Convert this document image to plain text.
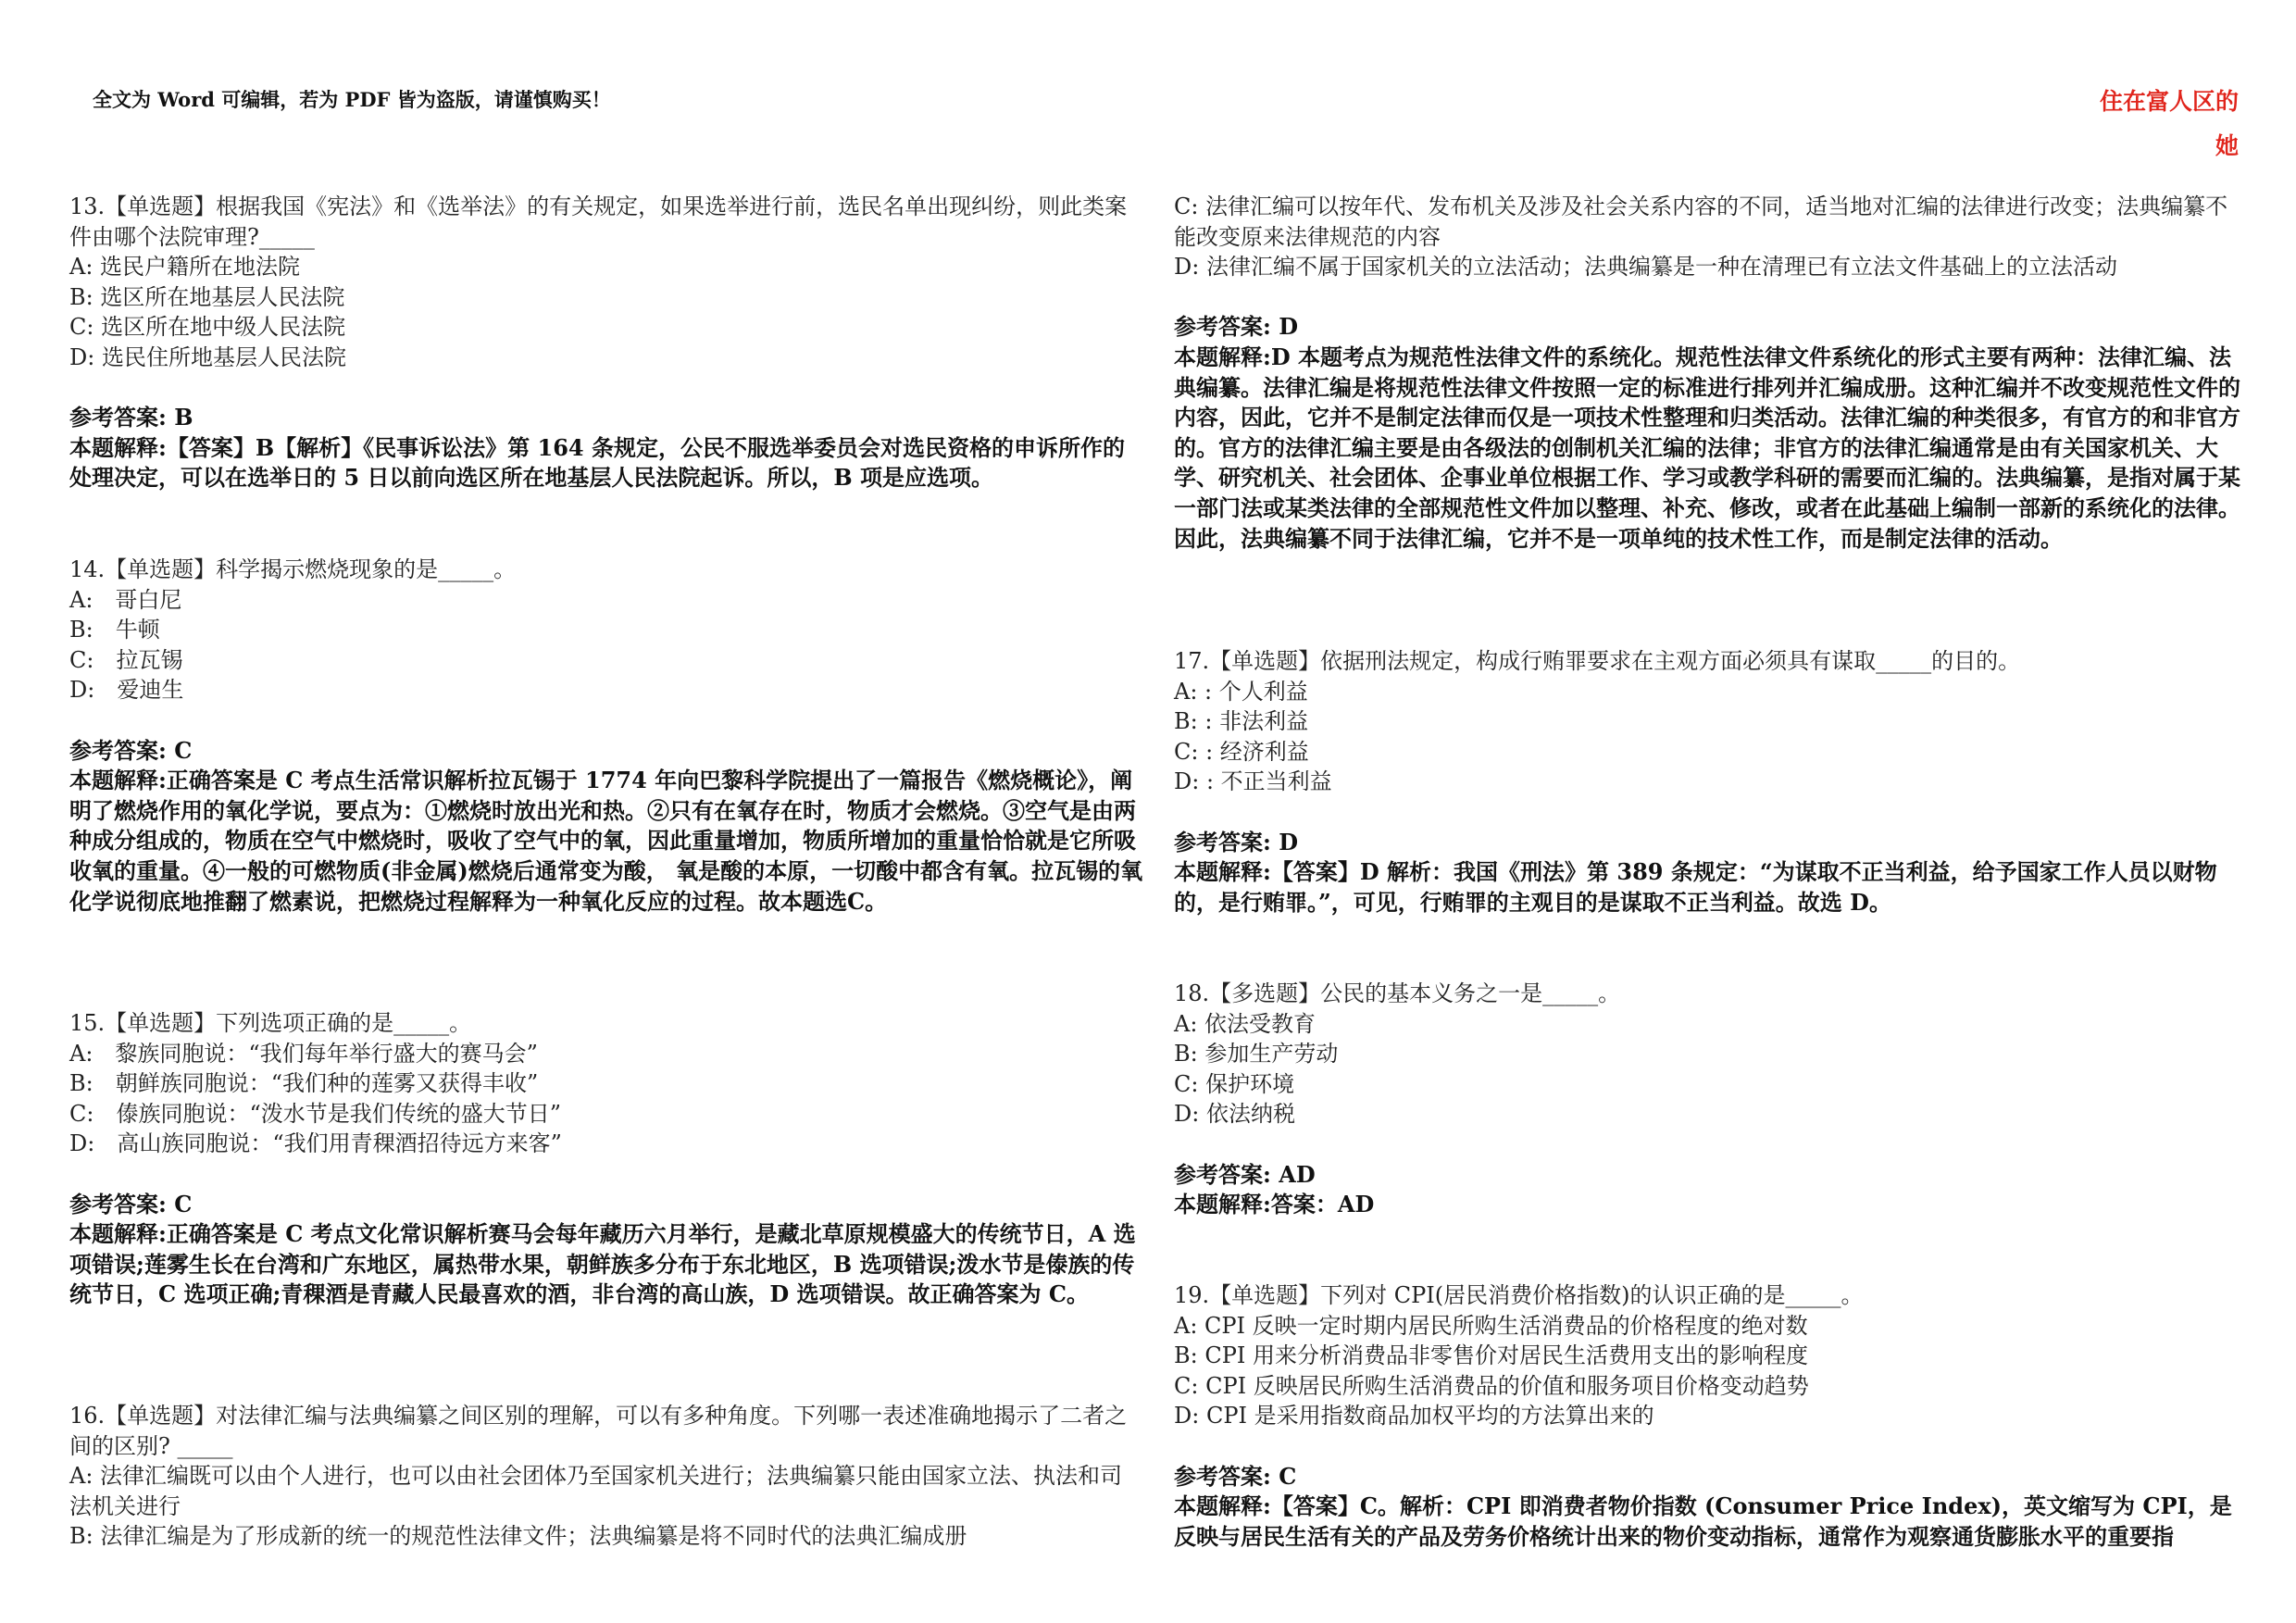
全文为 Word 可编辑，若为 PDF 皆为盗版，请谨慎购买！	住在富人区的
她
13.【单选题】根据我国《宪法》和《选举法》的有关规定，如果选举进行前，选民名单出现纠纷，则此类案件由哪个法院审理?_____
A: 选民户籍所在地法院
B: 选区所在地基层人民法院
C: 选区所在地中级人民法院
D: 选民住所地基层人民法院
参考答案: B
本题解释:【答案】B【解析】《民事诉讼法》第 164 条规定，公民不服选举委员会对选民资格的申诉所作的处理决定，可以在选举日的 5 日以前向选区所在地基层人民法院起诉。所以，B 项是应选项。
14.【单选题】科学揭示燃烧现象的是_____。
A:　哥白尼
B:　牛顿
C:　拉瓦锡
D:　爱迪生
参考答案: C
本题解释:正确答案是 C 考点生活常识解析拉瓦锡于 1774 年向巴黎科学院提出了一篇报告《燃烧概论》，阐明了燃烧作用的氧化学说，要点为：①燃烧时放出光和热。②只有在氧存在时，物质才会燃烧。③空气是由两种成分组成的，物质在空气中燃烧时，吸收了空气中的氧，因此重量增加，物质所增加的重量恰恰就是它所吸收氧的重量。④一般的可燃物质(非金属)燃烧后通常变为酸， 氧是酸的本原，一切酸中都含有氧。拉瓦锡的氧化学说彻底地推翻了燃素说，把燃烧过程解释为一种氧化反应的过程。故本题选C。
15.【单选题】下列选项正确的是_____。
A:　黎族同胞说：“我们每年举行盛大的赛马会”
B:　朝鲜族同胞说：“我们种的莲雾又获得丰收”
C:　傣族同胞说：“泼水节是我们传统的盛大节日”
D:　高山族同胞说：“我们用青稞酒招待远方来客”
参考答案: C
本题解释:正确答案是 C 考点文化常识解析赛马会每年藏历六月举行，是藏北草原规模盛大的传统节日，A 选项错误;莲雾生长在台湾和广东地区，属热带水果，朝鲜族多分布于东北地区，B 选项错误;泼水节是傣族的传统节日，C 选项正确;青稞酒是青藏人民最喜欢的酒，非台湾的高山族，D 选项错误。故正确答案为 C。
16.【单选题】对法律汇编与法典编纂之间区别的理解，可以有多种角度。下列哪一表述准确地揭示了二者之间的区别? _____
A: 法律汇编既可以由个人进行，也可以由社会团体乃至国家机关进行；法典编纂只能由国家立法、执法和司法机关进行
B: 法律汇编是为了形成新的统一的规范性法律文件；法典编纂是将不同时代的法典汇编成册
C: 法律汇编可以按年代、发布机关及涉及社会关系内容的不同，适当地对汇编的法律进行改变；法典编纂不能改变原来法律规范的内容
D: 法律汇编不属于国家机关的立法活动；法典编纂是一种在清理已有立法文件基础上的立法活动
参考答案: D
本题解释:D 本题考点为规范性法律文件的系统化。规范性法律文件系统化的形式主要有两种：法律汇编、法典编纂。法律汇编是将规范性法律文件按照一定的标准进行排列并汇编成册。这种汇编并不改变规范性文件的内容，因此，它并不是制定法律而仅是一项技术性整理和归类活动。法律汇编的种类很多，有官方的和非官方的。官方的法律汇编主要是由各级法的创制机关汇编的法律；非官方的法律汇编通常是由有关国家机关、大学、研究机关、社会团体、企事业单位根据工作、学习或教学科研的需要而汇编的。法典编纂，是指对属于某一部门法或某类法律的全部规范性文件加以整理、补充、修改，或者在此基础上编制一部新的系统化的法律。因此，法典编纂不同于法律汇编，它并不是一项单纯的技术性工作，而是制定法律的活动。
17.【单选题】依据刑法规定，构成行贿罪要求在主观方面必须具有谋取_____的目的。
A: : 个人利益
B: : 非法利益
C: : 经济利益
D: : 不正当利益
参考答案: D
本题解释:【答案】D 解析：我国《刑法》第 389 条规定：“为谋取不正当利益，给予国家工作人员以财物的，是行贿罪。”，可见，行贿罪的主观目的是谋取不正当利益。故选 D。
18.【多选题】公民的基本义务之一是_____。
A: 依法受教育
B: 参加生产劳动
C: 保护环境
D: 依法纳税
参考答案: AD
本题解释:答案：AD
19.【单选题】下列对 CPI(居民消费价格指数)的认识正确的是_____。
A: CPI 反映一定时期内居民所购生活消费品的价格程度的绝对数
B: CPI 用来分析消费品非零售价对居民生活费用支出的影响程度
C: CPI 反映居民所购生活消费品的价值和服务项目价格变动趋势
D: CPI 是采用指数商品加权平均的方法算出来的
参考答案: C
本题解释:【答案】C。解析：CPI 即消费者物价指数 (Consumer Price Index)，英文缩写为 CPI，是反映与居民生活有关的产品及劳务价格统计出来的物价变动指标，通常作为观察通货膨胀水平的重要指
